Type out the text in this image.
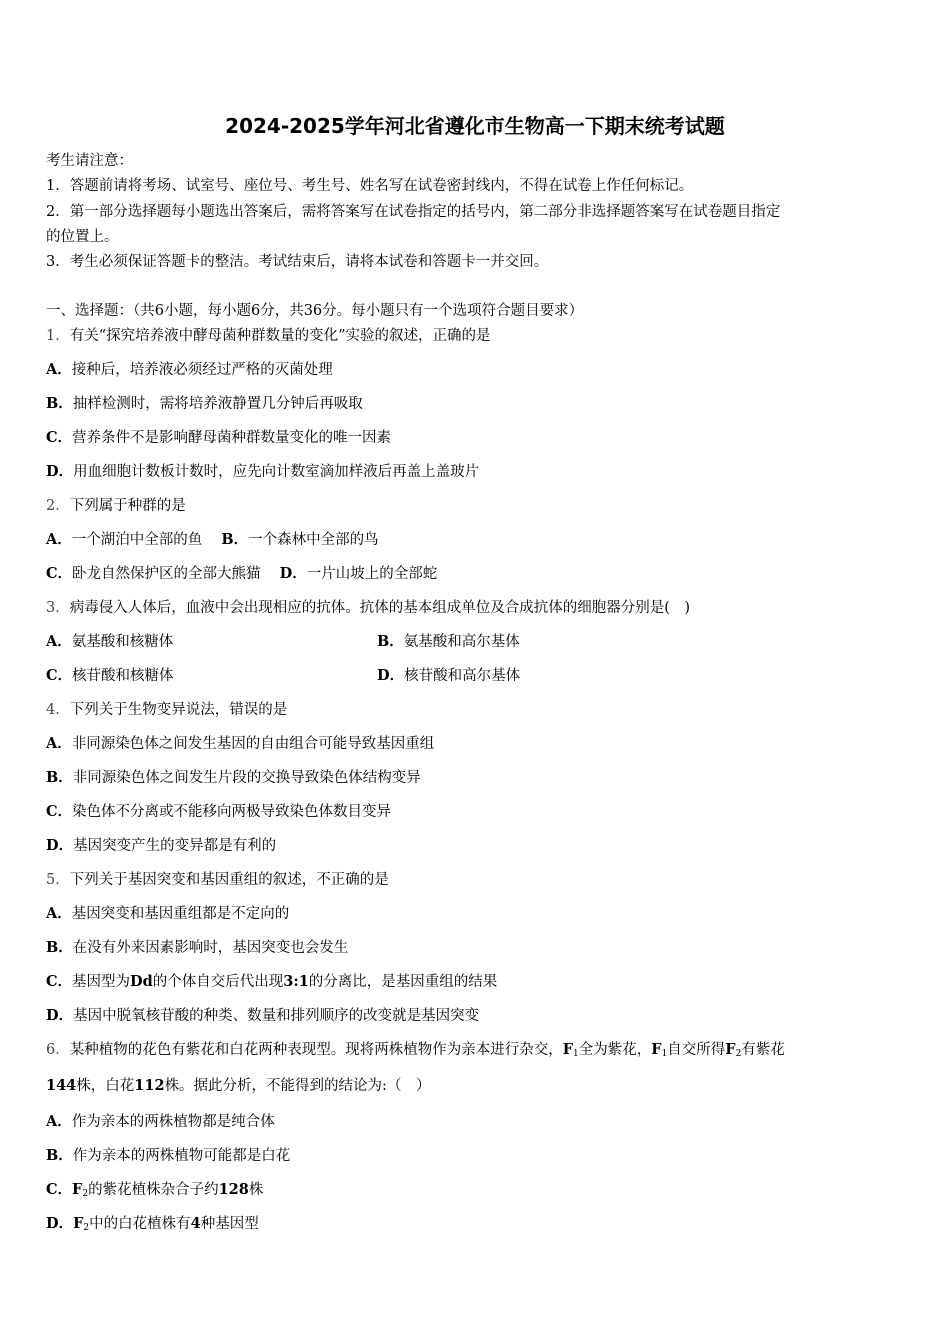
2024-2025学年河北省遵化市生物高一下期末统考试题
考生请注意：
1．答题前请将考场、试室号、座位号、考生号、姓名写在试卷密封线内，不得在试卷上作任何标记。
2．第一部分选择题每小题选出答案后，需将答案写在试卷指定的括号内，第二部分非选择题答案写在试卷题目指定
的位置上。
3．考生必须保证答题卡的整洁。考试结束后，请将本试卷和答题卡一并交回。
一、选择题：（共6小题，每小题6分，共36分。每小题只有一个选项符合题目要求）
1．有关“探究培养液中酵母菌种群数量的变化”实验的叙述，正确的是
A．接种后，培养液必须经过严格的灭菌处理
B．抽样检测时，需将培养液静置几分钟后再吸取
C．营养条件不是影响酵母菌种群数量变化的唯一因素
D．用血细胞计数板计数时，应先向计数室滴加样液后再盖上盖玻片
2．下列属于种群的是
A．一个湖泊中全部的鱼　 B．一个森林中全部的鸟
C．卧龙自然保护区的全部大熊猫　 D．一片山坡上的全部蛇
3．病毒侵入人体后，血液中会出现相应的抗体。抗体的基本组成单位及合成抗体的细胞器分别是(　)
A．氨基酸和核糖体	B．氨基酸和高尔基体
C．核苷酸和核糖体	D．核苷酸和高尔基体
4．下列关于生物变异说法，错误的是
A．非同源染色体之间发生基因的自由组合可能导致基因重组
B．非同源染色体之间发生片段的交换导致染色体结构变异
C．染色体不分离或不能移向两极导致染色体数目变异
D．基因突变产生的变异都是有利的
5．下列关于基因突变和基因重组的叙述，不正确的是
A．基因突变和基因重组都是不定向的
B．在没有外来因素影响时，基因突变也会发生
C．基因型为Dd的个体自交后代出现3:1的分离比，是基因重组的结果
D．基因中脱氧核苷酸的种类、数量和排列顺序的改变就是基因突变
6．某种植物的花色有紫花和白花两种表现型。现将两株植物作为亲本进行杂交，$F_1$全为紫花，$F_1$自交所得$F_2$有紫花
144株，白花112株。据此分析，不能得到的结论为:（　）
A．作为亲本的两株植物都是纯合体
B．作为亲本的两株植物可能都是白花
C．$F_2$的紫花植株杂合子约128株
D．$F_2$中的白花植株有4种基因型
